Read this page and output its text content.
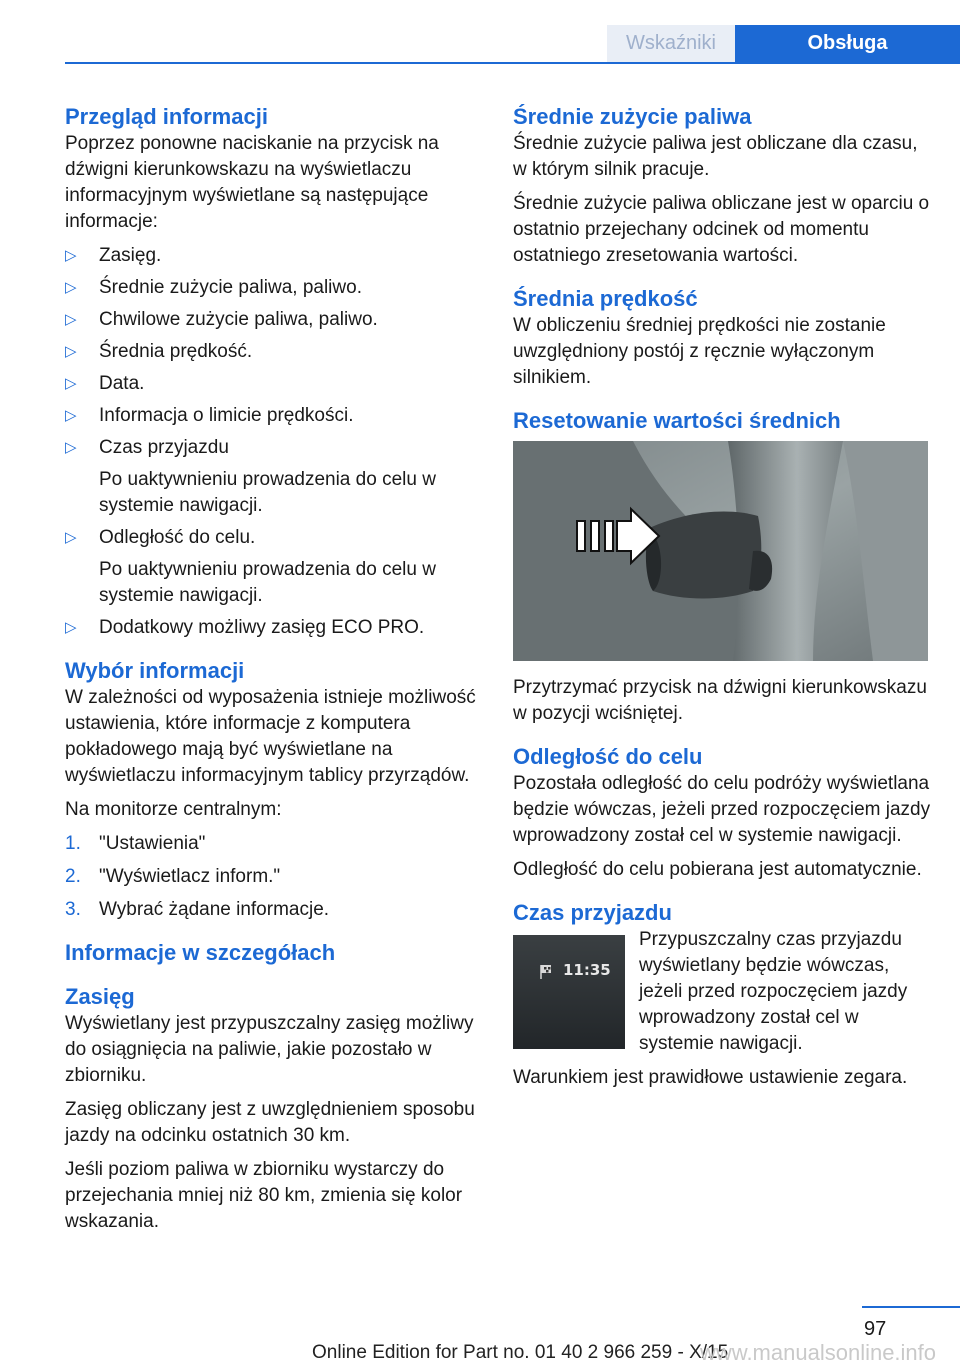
Wskaźniki	Obsługa
Przegląd informacji

Poprzez ponowne naciskanie na przycisk na dźwigni kierunkowskazu na wyświetlaczu informacyjnym wyświetlane są następujące informacje:

▷ Zasięg.
▷ Średnie zużycie paliwa, paliwo.
▷ Chwilowe zużycie paliwa, paliwo.
▷ Średnia prędkość.
▷ Data.
▷ Informacja o limicie prędkości.
▷ Czas przyjazdu
Po uaktywnieniu prowadzenia do celu w systemie nawigacji.
▷ Odległość do celu.
Po uaktywnieniu prowadzenia do celu w systemie nawigacji.
▷ Dodatkowy możliwy zasięg ECO PRO.
Wybór informacji

W zależności od wyposażenia istnieje możliwość ustawienia, które informacje z komputera pokładowego mają być wyświetlane na wyświetlaczu informacyjnym tablicy przyrządów.

Na monitorze centralnym:

1. "Ustawienia"
2. "Wyświetlacz inform."
3. Wybrać żądane informacje.
Informacje w szczegółach
Zasięg

Wyświetlany jest przypuszczalny zasięg możliwy do osiągnięcia na paliwie, jakie pozostało w zbiorniku.

Zasięg obliczany jest z uwzględnieniem sposobu jazdy na odcinku ostatnich 30 km.

Jeśli poziom paliwa w zbiorniku wystarczy do przejechania mniej niż 80 km, zmienia się kolor wskazania.

Średnie zużycie paliwa

Średnie zużycie paliwa jest obliczane dla czasu, w którym silnik pracuje.

Średnie zużycie paliwa obliczane jest w oparciu o ostatnio przejechany odcinek od momentu ostatniego zresetowania wartości.

Średnia prędkość

W obliczeniu średniej prędkości nie zostanie uwzględniony postój z ręcznie wyłączonym silnikiem.

Resetowanie wartości średnich

Przytrzymać przycisk na dźwigni kierunkowskazu w pozycji wciśniętej.

Odległość do celu

Pozostała odległość do celu podróży wyświetlana będzie wówczas, jeżeli przed rozpoczęciem jazdy wprowadzony został cel w systemie nawigacji.

Odległość do celu pobierana jest automatycznie.

Czas przyjazdu
11:35

Przypuszczalny czas przyjazdu wyświetlany będzie wówczas, jeżeli przed rozpoczęciem jazdy wprowadzony został cel w systemie nawigacji.

Warunkiem jest prawidłowe ustawienie zegara.

97
Online Edition for Part no. 01 40 2 966 259 - X/15
www.manualsonline.info
